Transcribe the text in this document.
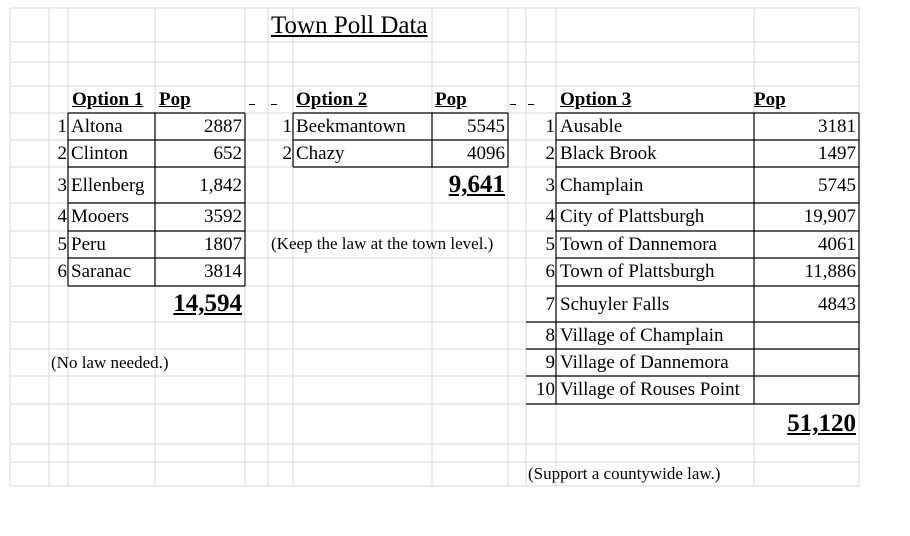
Town Poll Data
Option 1 Pop
1 Altona	2887
2 Clinton	652
3 Ellenberg	1,842
4 Mooers	3592
5 Peru	1807
6 Saranac	3814
14,594
(No law needed.)
Option 2	Pop
1 Beekmantown	5545
2 Chazy	4096
9,641
(Keep the law at the town level.)
Option 3	Pop
1 Ausable	3181
2 Black Brook	1497
3 Champlain	5745
4 City of Plattsburgh	19,907
5 Town of Dannemora	4061
6 Town of Plattsburgh	11,886
7 Schuyler Falls	4843
8 Village of Champlain
9 Village of Dannemora
10 Village of Rouses Point
51,120
(Support a countywide law.)
